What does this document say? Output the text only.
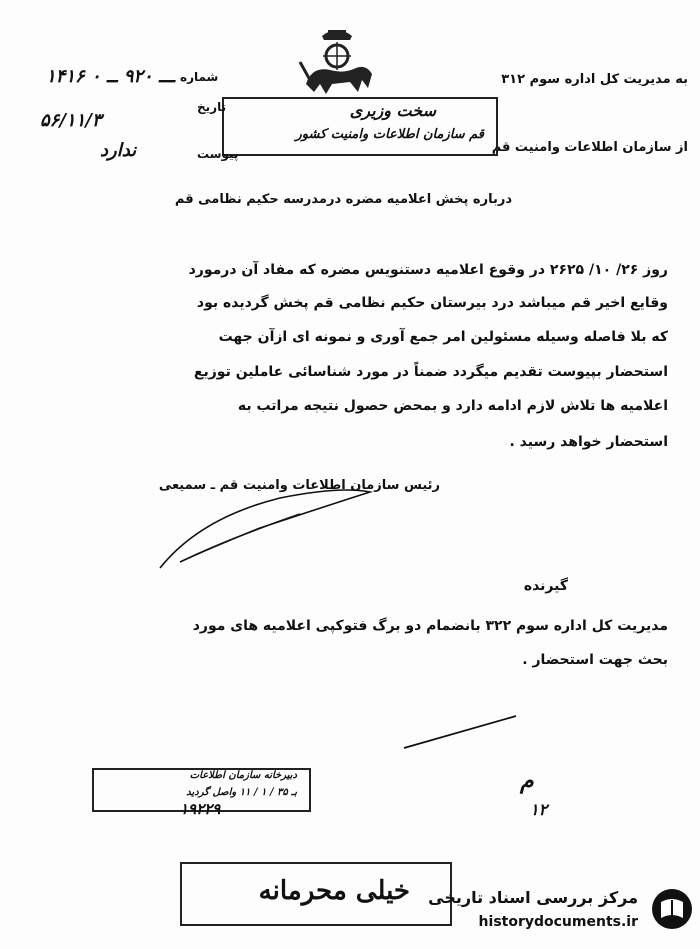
به مدیریت کل اداره سوم ۳۱۲
از سازمان اطلاعات وامنیت قم
سخت وزیری
قم سازمان اطلاعات وامنیت کشور
شماره
۱۴۱۶ ـــ ۹۲۰ ــ ۰
تاریخ
۵۶/۱۱/۳
پیوست
ندارد
درباره پخش اعلامیه مضره درمدرسه حکیم نظامی قم
روز ۲۶/ ۱۰/ ۲۶۲۵ در وقوع اعلامیه دستنویس مضره که مفاد آن درمورد
وقایع اخیر قم میباشد درد بیرستان حکیم نظامی قم پخش گردیده بود
که بلا فاصله وسیله مسئولین امر جمع آوری و نمونه ای ازآن جهت
استحضار بپیوست تقدیم میگردد ضمناً در مورد شناسائی عاملین توزیع
اعلامیه ها تلاش لازم ادامه دارد و بمحض حصول نتیجه مراتب به
استحضار خواهد رسید .
رئیس سازمان اطلاعات وامنیت قم ـ سمیعی
گیرنده
مدیریت کل اداره سوم ۳۲۲ بانضمام دو برگ فتوکپی اعلامیه های مورد
بحث جهت استحضار .
دبیرخانه سازمان اطلاعات
بـ ۳۵ / ۱ / ۱۱ واصل گردید
۱۹۲۲۹
م
۱۲
خیلی محرمانه مرکز بررسی اسناد تاریخی
historydocuments.ir
